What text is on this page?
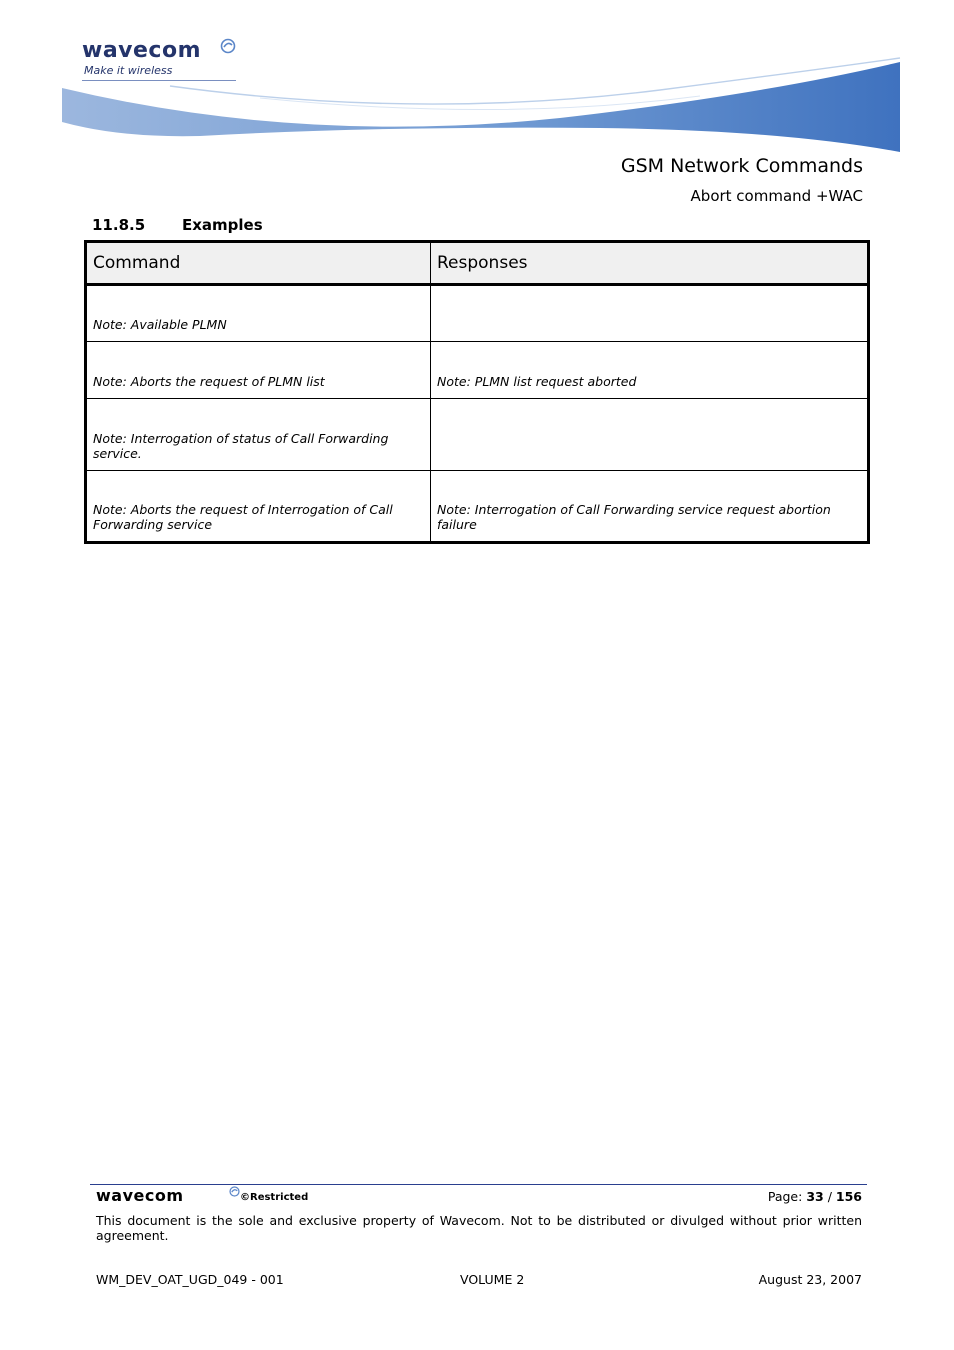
wavecom
Make it wireless
GSM Network Commands
Abort command +WAC
11.8.5 Examples
Command	Responses
Note: Available PLMN	
Note: Aborts the request of PLMN list	Note: PLMN list request aborted
Note: Interrogation of status of Call Forwarding service.	
Note: Aborts the request of Interrogation of Call Forwarding service	Note: Interrogation of Call Forwarding service request abortion failure
wavecom	©Restricted	Page: 33 / 156
This document is the sole and exclusive property of Wavecom. Not to be distributed or divulged without prior written agreement.
WM_DEV_OAT_UGD_049 - 001	VOLUME 2	August 23, 2007
